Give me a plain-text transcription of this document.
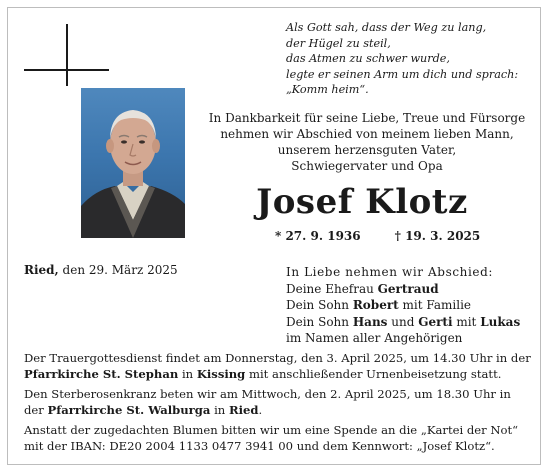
Als Gott sah, dass der Weg zu lang,
der Hügel zu steil,
das Atmen zu schwer wurde,
legte er seinen Arm um dich und sprach:
„Komm heim“.
In Dankbarkeit für seine Liebe, Treue und Fürsorge
nehmen wir Abschied von meinem lieben Mann,
unserem herzensguten Vater,
Schwiegervater und Opa
Josef Klotz
* 27. 9. 1936	† 19. 3. 2025
Ried, den 29. März 2025	In Liebe nehmen wir Abschied:
Deine Ehefrau Gertraud
Dein Sohn Robert mit Familie
Dein Sohn Hans und Gerti mit Lukas
im Namen aller Angehörigen
Der Trauergottesdienst findet am Donnerstag, den 3. April 2025, um 14.30 Uhr in der
Pfarrkirche St. Stephan in Kissing mit anschließender Urnenbeisetzung statt.
Den Sterberosenkranz beten wir am Mittwoch, den 2. April 2025, um 18.30 Uhr in
der Pfarrkirche St. Walburga in Ried.
Anstatt der zugedachten Blumen bitten wir um eine Spende an die „Kartei der Not“
mit der IBAN: DE20 2004 1133 0477 3941 00 und dem Kennwort: „Josef Klotz“.
